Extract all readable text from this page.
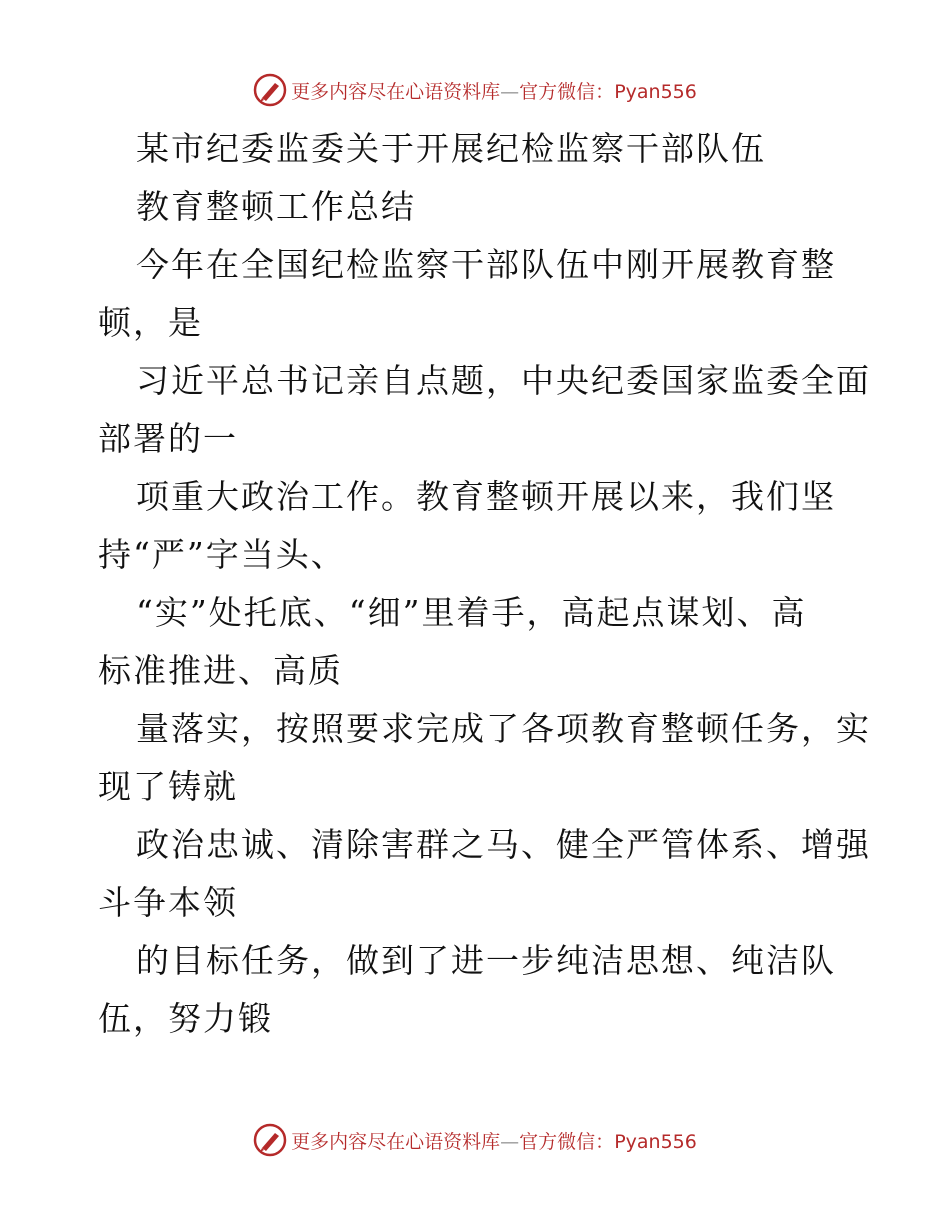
更多内容尽在心语资料库—官方微信：Pyan556
某市纪委监委关于开展纪检监察干部队伍
教育整顿工作总结
今年在全国纪检监察干部队伍中刚开展教育整
顿，是
习近平总书记亲自点题，中央纪委国家监委全面
部署的一
项重大政治工作。教育整顿开展以来，我们坚
持“严”字当头、
“实”处托底、“细”里着手，高起点谋划、高
标准推进、高质
量落实，按照要求完成了各项教育整顿任务，实
现了铸就
政治忠诚、清除害群之马、健全严管体系、增强
斗争本领
的目标任务，做到了进一步纯洁思想、纯洁队
伍，努力锻
更多内容尽在心语资料库—官方微信：Pyan556
